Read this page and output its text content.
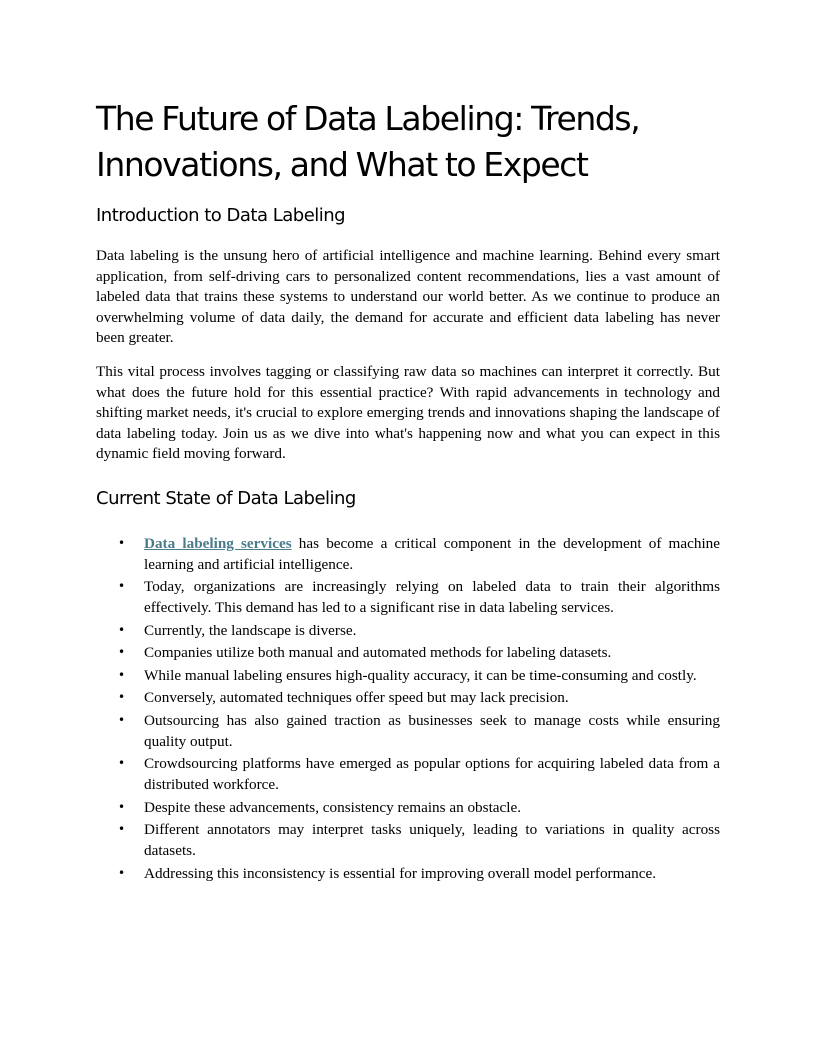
The Future of Data Labeling: Trends, Innovations, and What to Expect
Introduction to Data Labeling

Data labeling is the unsung hero of artificial intelligence and machine learning. Behind every smart application, from self-driving cars to personalized content recommendations, lies a vast amount of labeled data that trains these systems to understand our world better. As we continue to produce an overwhelming volume of data daily, the demand for accurate and efficient data labeling has never been greater.

This vital process involves tagging or classifying raw data so machines can interpret it correctly. But what does the future hold for this essential practice? With rapid advancements in technology and shifting market needs, it's crucial to explore emerging trends and innovations shaping the landscape of data labeling today. Join us as we dive into what's happening now and what you can expect in this dynamic field moving forward.

Current State of Data Labeling
• Data labeling services has become a critical component in the development of machine learning and artificial intelligence.
• Today, organizations are increasingly relying on labeled data to train their algorithms effectively. This demand has led to a significant rise in data labeling services.
• Currently, the landscape is diverse.
• Companies utilize both manual and automated methods for labeling datasets.
• While manual labeling ensures high-quality accuracy, it can be time-consuming and costly.
• Conversely, automated techniques offer speed but may lack precision.
• Outsourcing has also gained traction as businesses seek to manage costs while ensuring quality output.
• Crowdsourcing platforms have emerged as popular options for acquiring labeled data from a distributed workforce.
• Despite these advancements, consistency remains an obstacle.
• Different annotators may interpret tasks uniquely, leading to variations in quality across datasets.
• Addressing this inconsistency is essential for improving overall model performance.
